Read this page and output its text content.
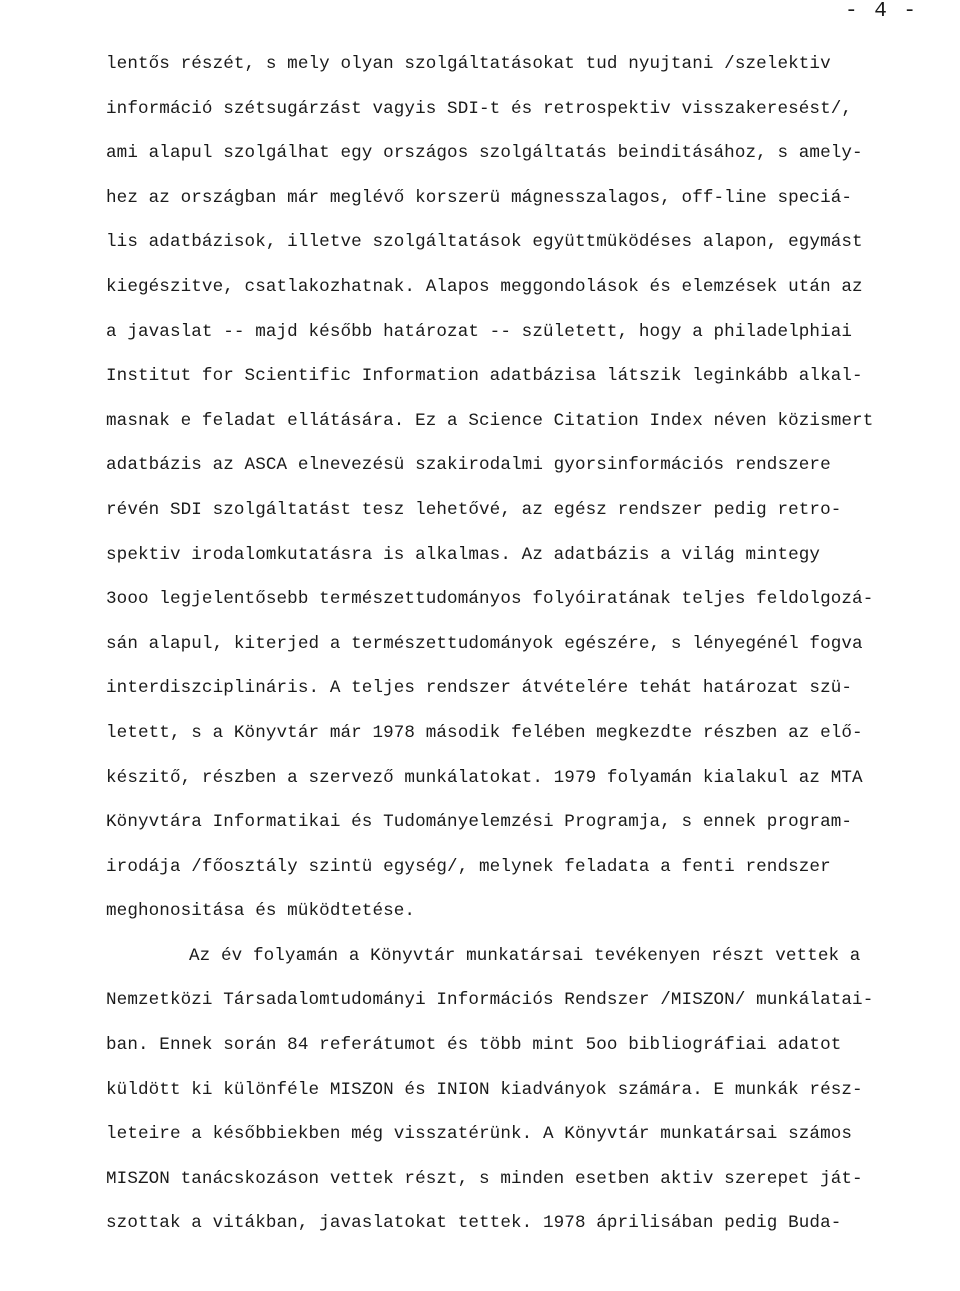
- 4 -
lentős részét, s mely olyan szolgáltatásokat tud nyujtani /szelektiv
információ szétsugárzást vagyis SDI-t és retrospektiv visszakeresést/,
ami alapul szolgálhat egy országos szolgáltatás beinditásához, s amely-
hez az országban már meglévő korszerü mágnesszalagos, off-line speciá-
lis adatbázisok, illetve szolgáltatások együttmüködéses alapon, egymást
kiegészitve, csatlakozhatnak. Alapos meggondolások és elemzések után az
a javaslat -- majd később határozat -- született, hogy a philadelphiai
Institut for Scientific Information adatbázisa látszik leginkább alkal-
masnak e feladat ellátására. Ez a Science Citation Index néven közismert
adatbázis az ASCA elnevezésü szakirodalmi gyorsinformációs rendszere
révén SDI szolgáltatást tesz lehetővé, az egész rendszer pedig retro-
spektiv irodalomkutatásra is alkalmas. Az adatbázis a világ mintegy
3ooo legjelentősebb természettudományos folyóiratának teljes feldolgozá-
sán alapul, kiterjed a természettudományok egészére, s lényegénél fogva
interdiszciplináris. A teljes rendszer átvételére tehát határozat szü-
letett, s a Könyvtár már 1978 második felében megkezdte részben az elő-
készitő, részben a szervező munkálatokat. 1979 folyamán kialakul az MTA
Könyvtára Informatikai és Tudományelemzési Programja, s ennek program-
irodája /főosztály szintü egység/, melynek feladata a fenti rendszer
meghonositása és müködtetése.
Az év folyamán a Könyvtár munkatársai tevékenyen részt vettek a
Nemzetközi Társadalomtudományi Információs Rendszer /MISZON/ munkálatai-
ban. Ennek során 84 referátumot és több mint 5oo bibliográfiai adatot
küldött ki különféle MISZON és INION kiadványok számára. E munkák rész-
leteire a későbbiekben még visszatérünk. A Könyvtár munkatársai számos
MISZON tanácskozáson vettek részt, s minden esetben aktiv szerepet ját-
szottak a vitákban, javaslatokat tettek. 1978 áprilisában pedig Buda-
